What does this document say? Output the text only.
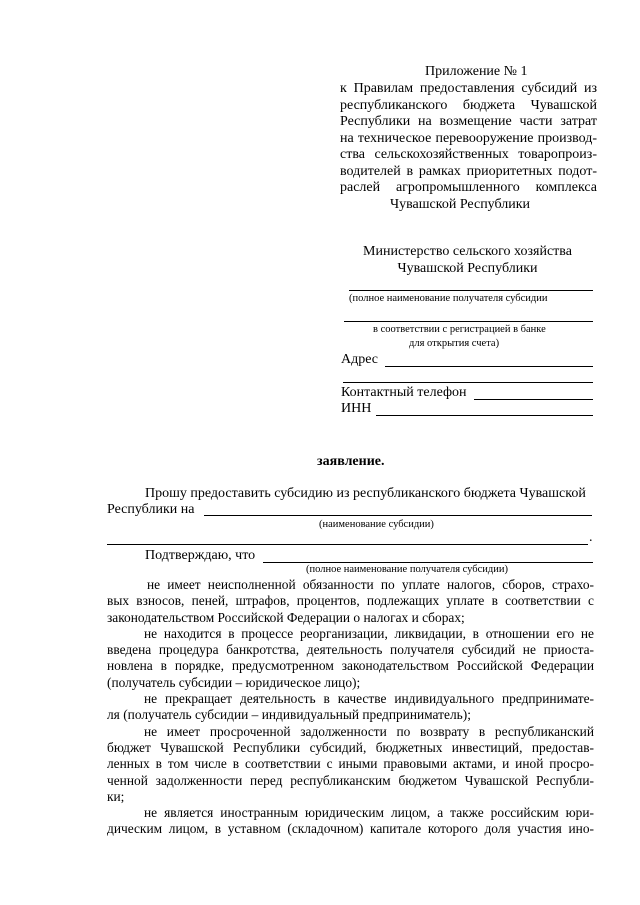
Приложение № 1
к Правилам предоставления субсидий из
республиканского бюджета Чувашской
Республики на возмещение части затрат
на техническое перевооружение производ-
ства сельскохозяйственных товаропроиз-
водителей в рамках приоритетных подот-
раслей агропромышленного комплекса
Чувашской Республики
Министерство сельского хозяйства
Чувашской Республики
(полное наименование получателя субсидии
в соответствии с регистрацией в банке
для открытия счета)
Адрес
Контактный телефон
ИНН
заявление.
Прошу предоставить субсидию из республиканского бюджета Чувашской
Республики на
(наименование субсидии)
.
Подтверждаю, что
(полное наименование получателя субсидии)
не имеет неисполненной обязанности по уплате налогов, сборов, страхо-
вых взносов, пеней, штрафов, процентов, подлежащих уплате в соответствии с
законодательством Российской Федерации о налогах и сборах;
не находится в процессе реорганизации, ликвидации, в отношении его не
введена процедура банкротства, деятельность получателя субсидий не приоста-
новлена в порядке, предусмотренном законодательством Российской Федерации
(получатель субсидии – юридическое лицо);
не прекращает деятельность в качестве индивидуального предпринимате-
ля (получатель субсидии – индивидуальный предприниматель);
не имеет просроченной задолженности по возврату в республиканский
бюджет Чувашской Республики субсидий, бюджетных инвестиций, предостав-
ленных в том числе в соответствии с иными правовыми актами, и иной просро-
ченной задолженности перед республиканским бюджетом Чувашской Республи-
ки;
не является иностранным юридическим лицом, а также российским юри-
дическим лицом, в уставном (складочном) капитале которого доля участия ино-
